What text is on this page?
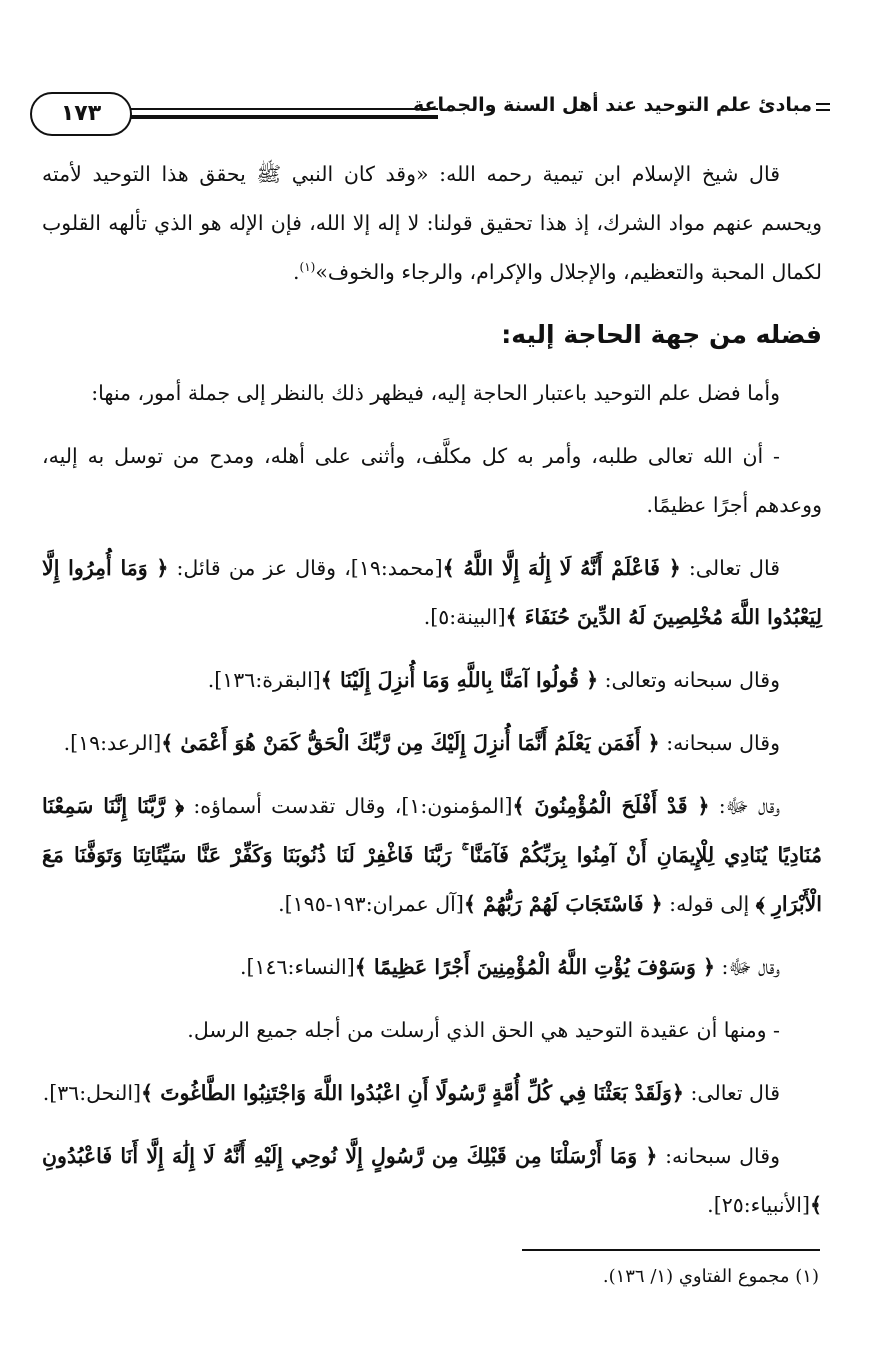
١٧٣	مبادئ علم التوحيد عند أهل السنة والجماعة

قال شيخ الإسلام ابن تيمية رحمه الله: «وقد كان النبي ﷺ يحقق هذا التوحيد لأمته ويحسم عنهم مواد الشرك، إذ هذا تحقيق قولنا: لا إله إلا الله، فإن الإله هو الذي تألهه القلوب لكمال المحبة والتعظيم، والإجلال والإكرام، والرجاء والخوف»$^{(١)}$.

فضله من جهة الحاجة إليه:

وأما فضل علم التوحيد باعتبار الحاجة إليه، فيظهر ذلك بالنظر إلى جملة أمور، منها:

- أن الله تعالى طلبه، وأمر به كل مكلَّف، وأثنى على أهله، ومدح من توسل به إليه، ووعدهم أجرًا عظيمًا.

قال تعالى: ﴿ فَاعْلَمْ أَنَّهُ لَا إِلَٰهَ إِلَّا اللَّهُ ﴾[محمد:١٩]، وقال عز من قائل: ﴿ وَمَا أُمِرُوا إِلَّا لِيَعْبُدُوا اللَّهَ مُخْلِصِينَ لَهُ الدِّينَ حُنَفَاءَ ﴾[البينة:٥].

وقال سبحانه وتعالى: ﴿ قُولُوا آمَنَّا بِاللَّهِ وَمَا أُنزِلَ إِلَيْنَا ﴾[البقرة:١٣٦].

وقال سبحانه: ﴿ أَفَمَن يَعْلَمُ أَنَّمَا أُنزِلَ إِلَيْكَ مِن رَّبِّكَ الْحَقُّ كَمَنْ هُوَ أَعْمَىٰ ﴾[الرعد:١٩].

وقال ﷻ: ﴿ قَدْ أَفْلَحَ الْمُؤْمِنُونَ ﴾[المؤمنون:١]، وقال تقدست أسماؤه: ﴿ رَّبَّنَا إِنَّنَا سَمِعْنَا مُنَادِيًا يُنَادِي لِلْإِيمَانِ أَنْ آمِنُوا بِرَبِّكُمْ فَآمَنَّا ۚ رَبَّنَا فَاغْفِرْ لَنَا ذُنُوبَنَا وَكَفِّرْ عَنَّا سَيِّئَاتِنَا وَتَوَفَّنَا مَعَ الْأَبْرَارِ ﴾ إلى قوله: ﴿ فَاسْتَجَابَ لَهُمْ رَبُّهُمْ ﴾[آل عمران:١٩٣-١٩٥].

وقال ﷻ: ﴿ وَسَوْفَ يُؤْتِ اللَّهُ الْمُؤْمِنِينَ أَجْرًا عَظِيمًا ﴾[النساء:١٤٦].

- ومنها أن عقيدة التوحيد هي الحق الذي أرسلت من أجله جميع الرسل.

قال تعالى: ﴿وَلَقَدْ بَعَثْنَا فِي كُلِّ أُمَّةٍ رَّسُولًا أَنِ اعْبُدُوا اللَّهَ وَاجْتَنِبُوا الطَّاغُوتَ ﴾[النحل:٣٦].

وقال سبحانه: ﴿ وَمَا أَرْسَلْنَا مِن قَبْلِكَ مِن رَّسُولٍ إِلَّا نُوحِي إِلَيْهِ أَنَّهُ لَا إِلَٰهَ إِلَّا أَنَا فَاعْبُدُونِ ﴾[الأنبياء:٢٥].

(١) مجموع الفتاوي (١/ ١٣٦).
